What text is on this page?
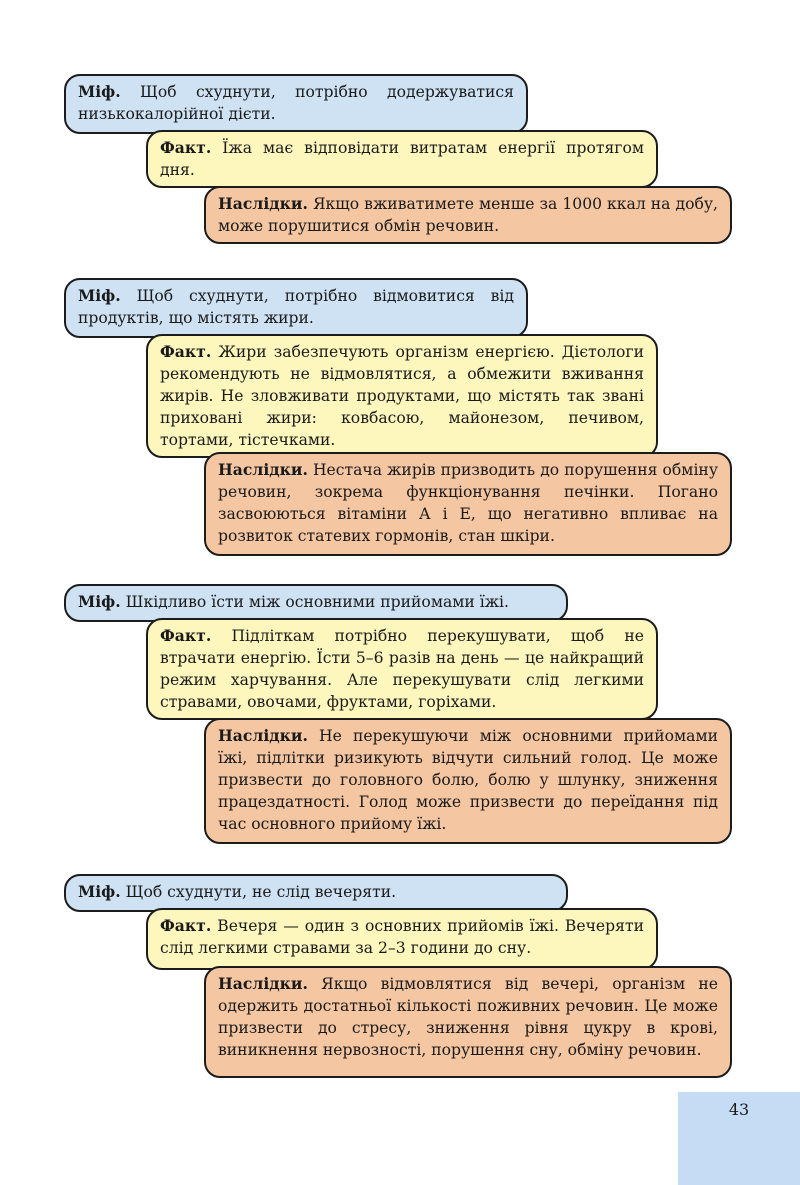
Міф. Щоб схуднути, потрібно додержуватися низькокалорійної дієти.
Факт. Їжа має відповідати витратам енергії протягом дня.
Наслідки. Якщо вживатимете менше за 1000 ккал на добу, може порушитися обмін речовин.
Міф. Щоб схуднути, потрібно відмовитися від продуктів, що містять жири.
Факт. Жири забезпечують організм енергією. Дієтологи рекомендують не відмовлятися, а обмежити вживання жирів. Не зловживати продуктами, що містять так звані приховані жири: ковбасою, майонезом, печивом, тортами, тістечками.
Наслідки. Нестача жирів призводить до порушення обміну речовин, зокрема функціонування печінки. Погано засвоюються вітаміни А і Е, що негативно впливає на розвиток статевих гормонів, стан шкіри.
Міф. Шкідливо їсти між основними прийомами їжі.
Факт. Підліткам потрібно перекушувати, щоб не втрачати енергію. Їсти 5–6 разів на день — це найкращий режим харчування. Але перекушувати слід легкими стравами, овочами, фруктами, горіхами.
Наслідки. Не перекушуючи між основними прийомами їжі, підлітки ризикують відчути сильний голод. Це може призвести до головного болю, болю у шлунку, зниження працездатності. Голод може призвести до переїдання під час основного прийому їжі.
Міф. Щоб схуднути, не слід вечеряти.
Факт. Вечеря — один з основних прийомів їжі. Вечеряти слід легкими стравами за 2–3 години до сну.
Наслідки. Якщо відмовлятися від вечері, організм не одержить достатньої кількості поживних речовин. Це може призвести до стресу, зниження рівня цукру в крові, виникнення нервозності, порушення сну, обміну речовин.
43
